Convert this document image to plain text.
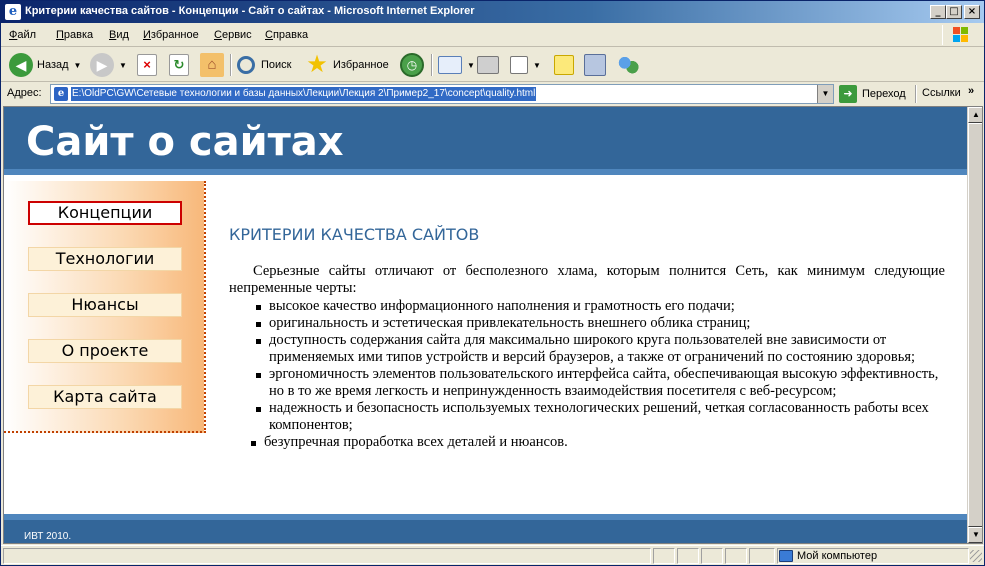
e Критерии качества сайтов - Концепции - Сайт о сайтах - Microsoft Internet Explorer	_ □ ×
Файл Правка Вид Избранное Сервис Справка
◀ Назад ▼	▶	▼	×	↻	⌂	Поиск ★ Избранное	◷	▼	▼
Адрес:	e E:\OldPC\GW\Сетевые технологии и базы данных\Лекции\Лекция 2\Пример2_17\concept\quality.html	▼	➜ Переход Ссылки »
Сайт о сайтах
Концепции
Технологии
Нюансы
О проекте
Карта сайта
КРИТЕРИИ КАЧЕСТВА САЙТОВ

Серьезные сайты отличают от бесполезного хлама, которым полнится Сеть, как минимум следующие непременные черты:

высокое качество информационного наполнения и грамотность его подачи;
оригинальность и эстетическая привлекательность внешнего облика страниц;
доступность содержания сайта для максимально широкого круга пользователей вне зависимости от применяемых ими типов устройств и версий браузеров, а также от ограничений по состоянию здоровья;
эргономичность элементов пользовательского интерфейса сайта, обеспечивающая высокую эффективность, но в то же время легкость и непринужденность взаимодействия посетителя с веб-ресурсом;
надежность и безопасность используемых технологических решений, четкая согласованность работы всех компонентов;
безупречная проработка всех деталей и нюансов.
ИВТ 2010.
▲
▼
Мой компьютер
